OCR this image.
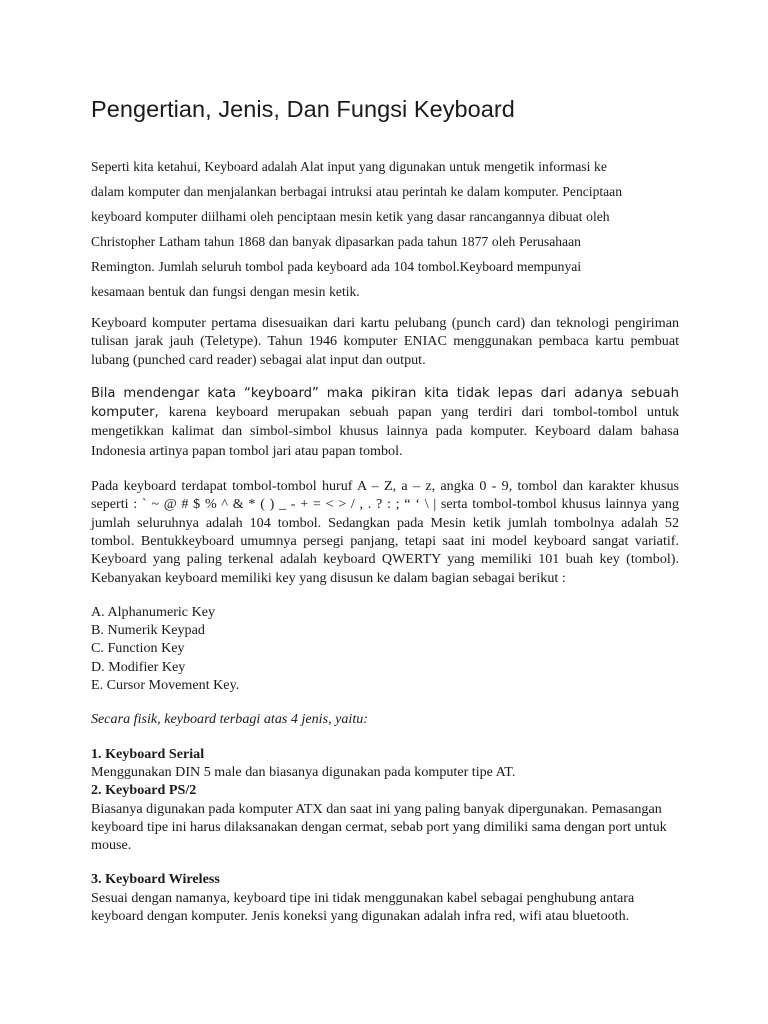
Pengertian, Jenis, Dan Fungsi Keyboard

Seperti kita ketahui, Keyboard adalah Alat input yang digunakan untuk mengetik informasi ke
dalam komputer dan menjalankan berbagai intruksi atau perintah ke dalam komputer. Penciptaan
keyboard komputer diilhami oleh penciptaan mesin ketik yang dasar rancangannya dibuat oleh
Christopher Latham tahun 1868 dan banyak dipasarkan pada tahun 1877 oleh Perusahaan
Remington. Jumlah seluruh tombol pada keyboard ada 104 tombol.Keyboard mempunyai
kesamaan bentuk dan fungsi dengan mesin ketik.

Keyboard komputer pertama disesuaikan dari kartu pelubang (punch card) dan teknologi pengiriman tulisan jarak jauh (Teletype). Tahun 1946 komputer ENIAC menggunakan pembaca kartu pembuat lubang (punched card reader) sebagai alat input dan output.

Bila mendengar kata “keyboard” maka pikiran kita tidak lepas dari adanya sebuah komputer, karena keyboard merupakan sebuah papan yang terdiri dari tombol-tombol untuk mengetikkan kalimat dan simbol-simbol khusus lainnya pada komputer. Keyboard dalam bahasa Indonesia artinya papan tombol jari atau papan tombol.

Pada keyboard terdapat tombol-tombol huruf A – Z, a – z, angka 0 - 9, tombol dan karakter khusus seperti : ` ~ @ # $ % ^ & * ( ) _ - + = < > / , . ? : ; “ ‘ \ | serta tombol-tombol khusus lainnya yang jumlah seluruhnya adalah 104 tombol. Sedangkan pada Mesin ketik jumlah tombolnya adalah 52 tombol. Bentukkeyboard umumnya persegi panjang, tetapi saat ini model keyboard sangat variatif. Keyboard yang paling terkenal adalah keyboard QWERTY yang memiliki 101 buah key (tombol). Kebanyakan keyboard memiliki key yang disusun ke dalam bagian sebagai berikut :

A. Alphanumeric Key
B. Numerik Keypad
C. Function Key
D. Modifier Key
E. Cursor Movement Key.

Secara fisik, keyboard terbagi atas 4 jenis, yaitu:

1. Keyboard Serial

Menggunakan DIN 5 male dan biasanya digunakan pada komputer tipe AT.

2. Keyboard PS/2

Biasanya digunakan pada komputer ATX dan saat ini yang paling banyak dipergunakan. Pemasangan keyboard tipe ini harus dilaksanakan dengan cermat, sebab port yang dimiliki sama dengan port untuk mouse.

3. Keyboard Wireless

Sesuai dengan namanya, keyboard tipe ini tidak menggunakan kabel sebagai penghubung antara keyboard dengan komputer. Jenis koneksi yang digunakan adalah infra red, wifi atau bluetooth.
